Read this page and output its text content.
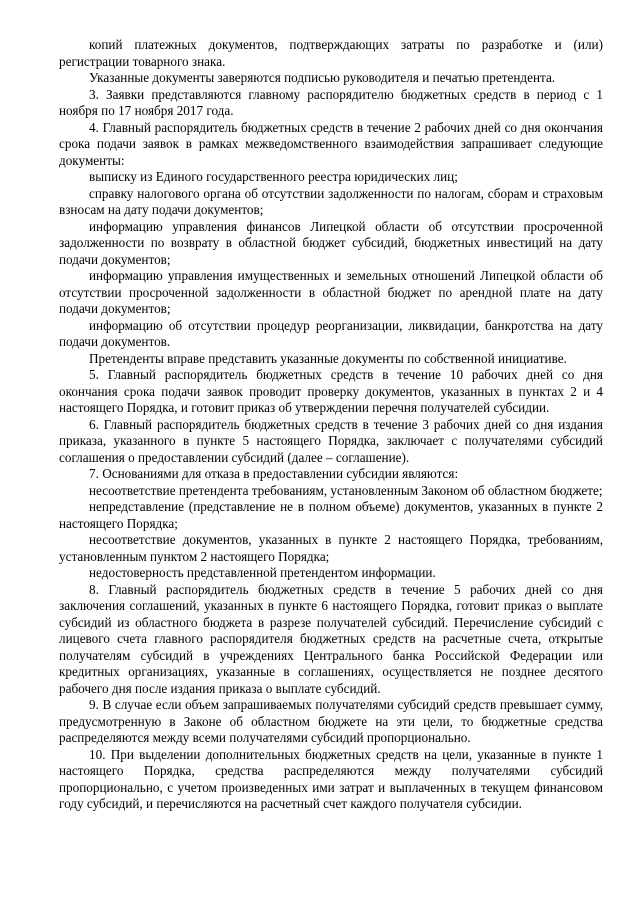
копий платежных документов, подтверждающих затраты по разработке и (или) регистрации товарного знака.

Указанные документы заверяются подписью руководителя и печатью претендента.

3. Заявки представляются главному распорядителю бюджетных средств в период с 1 ноября по 17 ноября 2017 года.

4. Главный распорядитель бюджетных средств в течение 2 рабочих дней со дня окончания срока подачи заявок в рамках межведомственного взаимодействия запрашивает следующие документы:

выписку из Единого государственного реестра юридических лиц;

справку налогового органа об отсутствии задолженности по налогам, сборам и страховым взносам на дату подачи документов;

информацию управления финансов Липецкой области об отсутствии просроченной задолженности по возврату в областной бюджет субсидий, бюджетных инвестиций на дату подачи документов;

информацию управления имущественных и земельных отношений Липецкой области об отсутствии просроченной задолженности в областной бюджет по арендной плате на дату подачи документов;

информацию об отсутствии процедур реорганизации, ликвидации, банкротства на дату подачи документов.

Претенденты вправе представить указанные документы по собственной инициативе.

5. Главный распорядитель бюджетных средств в течение 10 рабочих дней со дня окончания срока подачи заявок проводит проверку документов, указанных в пунктах 2 и 4 настоящего Порядка, и готовит приказ об утверждении перечня получателей субсидии.

6. Главный распорядитель бюджетных средств в течение 3 рабочих дней со дня издания приказа, указанного в пункте 5 настоящего Порядка, заключает с получателями субсидий соглашения о предоставлении субсидий (далее – соглашение).

7. Основаниями для отказа в предоставлении субсидии являются:

несоответствие претендента требованиям, установленным Законом об областном бюджете;

непредставление (представление не в полном объеме) документов, указанных в пункте 2 настоящего Порядка;

несоответствие документов, указанных в пункте 2 настоящего Порядка, требованиям, установленным пунктом 2 настоящего Порядка;

недостоверность представленной претендентом информации.

8. Главный распорядитель бюджетных средств в течение 5 рабочих дней со дня заключения соглашений, указанных в пункте 6 настоящего Порядка, готовит приказ о выплате субсидий из областного бюджета в разрезе получателей субсидий. Перечисление субсидий с лицевого счета главного распорядителя бюджетных средств на расчетные счета, открытые получателям субсидий в учреждениях Центрального банка Российской Федерации или кредитных организациях, указанные в соглашениях, осуществляется не позднее десятого рабочего дня после издания приказа о выплате субсидий.

9. В случае если объем запрашиваемых получателями субсидий средств превышает сумму, предусмотренную в Законе об областном бюджете на эти цели, то бюджетные средства распределяются между всеми получателями субсидий пропорционально.

10. При выделении дополнительных бюджетных средств на цели, указанные в пункте 1 настоящего Порядка, средства распределяются между получателями субсидий пропорционально, с учетом произведенных ими затрат и выплаченных в текущем финансовом году субсидий, и перечисляются на расчетный счет каждого получателя субсидии.
